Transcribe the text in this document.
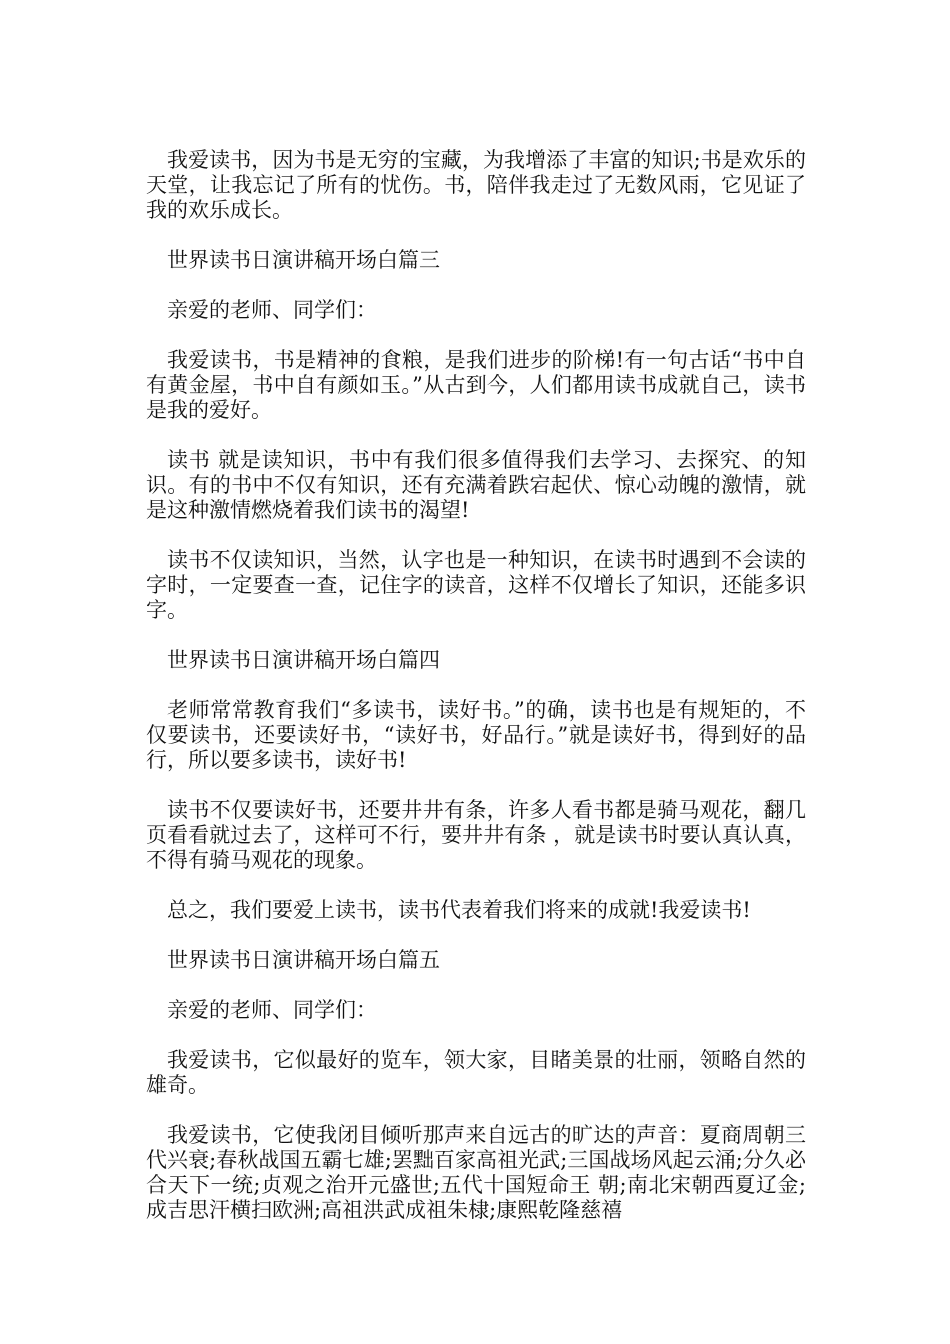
我爱读书，因为书是无穷的宝藏，为我增添了丰富的知识;书是欢乐的天堂，让我忘记了所有的忧伤。书，陪伴我走过了无数风雨，它见证了我的欢乐成长。

世界读书日演讲稿开场白篇三

亲爱的老师、同学们：

我爱读书，书是精神的食粮，是我们进步的阶梯!有一句古话“书中自有黄金屋，书中自有颜如玉。”从古到今，人们都用读书成就自己，读书是我的爱好。

读书 就是读知识，书中有我们很多值得我们去学习、去探究、的知识。有的书中不仅有知识，还有充满着跌宕起伏、惊心动魄的激情，就是这种激情燃烧着我们读书的渴望!

读书不仅读知识，当然，认字也是一种知识，在读书时遇到不会读的字时，一定要查一查，记住字的读音，这样不仅增长了知识，还能多识字。

世界读书日演讲稿开场白篇四

老师常常教育我们“多读书，读好书。”的确，读书也是有规矩的，不仅要读书，还要读好书，“读好书，好品行。”就是读好书，得到好的品行，所以要多读书，读好书!

读书不仅要读好书，还要井井有条，许多人看书都是骑马观花，翻几页看看就过去了，这样可不行，要井井有条 ，就是读书时要认真认真，不得有骑马观花的现象。

总之，我们要爱上读书，读书代表着我们将来的成就!我爱读书!

世界读书日演讲稿开场白篇五

亲爱的老师、同学们：

我爱读书，它似最好的览车，领大家，目睹美景的壮丽，领略自然的雄奇。

我爱读书，它使我闭目倾听那声来自远古的旷达的声音：夏商周朝三代兴衰;春秋战国五霸七雄;罢黜百家高祖光武;三国战场风起云涌;分久必合天下一统;贞观之治开元盛世;五代十国短命王 朝;南北宋朝西夏辽金;成吉思汗横扫欧洲;高祖洪武成祖朱棣;康熙乾隆慈禧
